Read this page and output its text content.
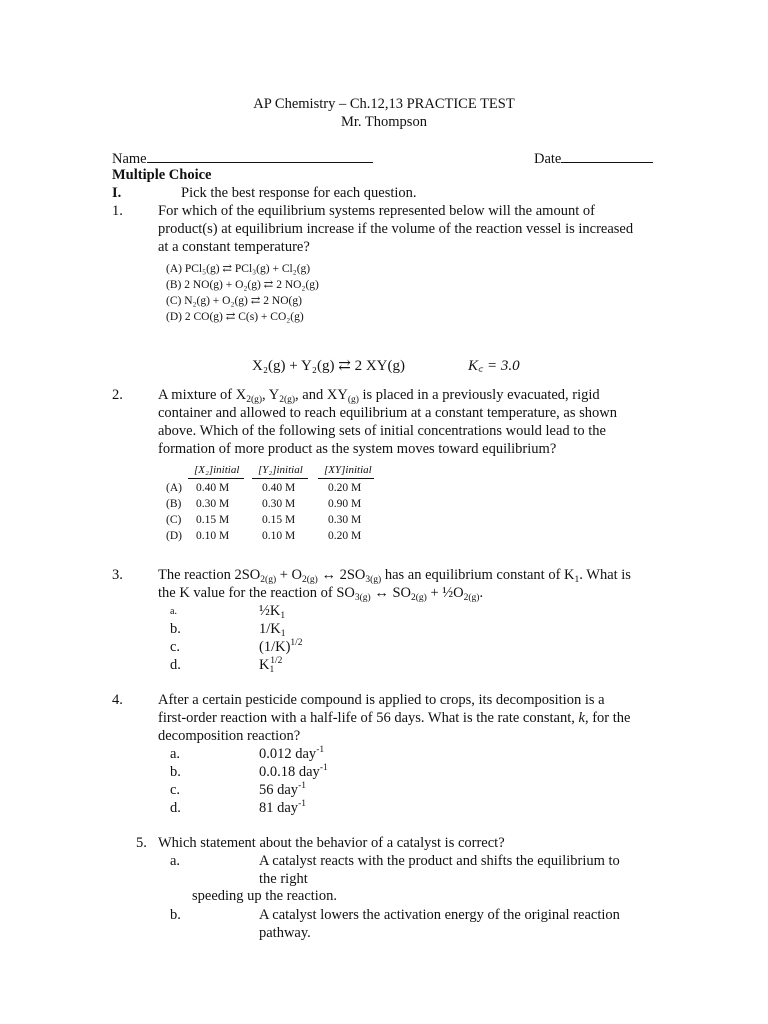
AP Chemistry – Ch.12,13 PRACTICE TEST
Mr. Thompson
Name	Date
Multiple Choice
I.	Pick the best response for each question.
1. For which of the equilibrium systems represented below will the amount of
product(s) at equilibrium increase if the volume of the reaction vessel is increased
at a constant temperature?
(A) PCl₅(g) ⇄ PCl₃(g) + Cl₂(g)
(B) 2 NO(g) + O₂(g) ⇄ 2 NO₂(g)
(C) N₂(g) + O₂(g) ⇄ 2 NO(g)
(D) 2 CO(g) ⇄ C(s) + CO₂(g)
X₂(g) + Y₂(g) ⇄ 2 XY(g)	K꜀ = 3.0
2. A mixture of $X_{2(g)}$, $Y_{2(g)}$, and $XY_{(g)}$ is placed in a previously evacuated, rigid
container and allowed to reach equilibrium at a constant temperature, as shown
above. Which of the following sets of initial concentrations would lead to the
formation of more product as the system moves toward equilibrium?
[X₂]initial [Y₂]initial [XY]initial
(A) 0.40 M	0.40 M	0.20 M
(B) 0.30 M	0.30 M	0.90 M
(C) 0.15 M	0.15 M	0.30 M
(D) 0.10 M	0.10 M	0.20 M
3. The reaction $2SO_{2(g)} + O_{2(g)}$ ↔ $2SO_{3(g)}$ has an equilibrium constant of $K_1$. What is
the K value for the reaction of $SO_{3(g)}$ ↔ $SO_{2(g)}$ + $\frac{1}{2}O_{2(g)}$.
a.	$\frac{1}{2}K_1$
b.	$1/K_1$
c.	$(1/K)^{1/2}$
d.	$K_1^{1/2}$
4. After a certain pesticide compound is applied to crops, its decomposition is a
first-order reaction with a half-life of 56 days. What is the rate constant, k, for the
decomposition reaction?
a.	0.012 day$^{-1}$
b.	0.0.18 day$^{-1}$
c.	56 day$^{-1}$
d.	81 day$^{-1}$
5. Which statement about the behavior of a catalyst is correct?
a.	A catalyst reacts with the product and shifts the equilibrium to
the right
speeding up the reaction.
b.	A catalyst lowers the activation energy of the original reaction
pathway.
